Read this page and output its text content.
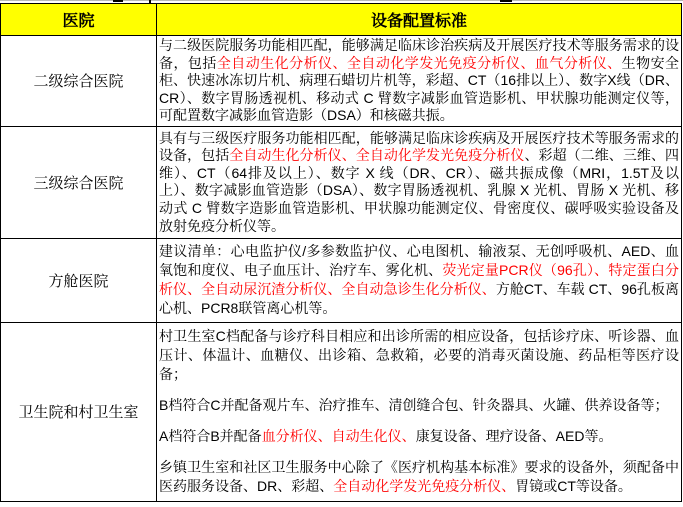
医院	设备配置标准
二级综合医院	与二级医院服务功能相匹配，能够满足临床诊治疾病及开展医疗技术等服务需求的设备，包括全自动生化分析仪、全自动化学发光免疫分析仪、血气分析仪、生物安全柜、快速冰冻切片机、病理石蜡切片机等，彩超、CT（16排以上）、数字X线（DR、CR）、数字胃肠透视机、移动式 C 臂数字减影血管造影机、甲状腺功能测定仪等，可配置数字减影血管造影（DSA）和核磁共振。

三级综合医院	具有与三级医疗服务功能相匹配，能够满足临床诊疾病及开展医疗技术等服务需求的设备，包括全自动生化分析仪、全自动化学发光免疫分析仪、彩超（二维、三维、四维）、CT（64排及以上）、数字 X 线（DR、CR）、磁共振成像（MRI，1.5T及以上）、数字减影血管造影（DSA）、数字胃肠透视机、乳腺 X 光机、胃肠 X 光机、移动式 C 臂数字造影血管造影机、甲状腺功能测定仪、骨密度仪、碳呼吸实验设备及放射免疫分析仪等。

方舱医院	建议清单：心电监护仪/多参数监护仪、心电图机、输液泵、无创呼吸机、AED、血氧饱和度仪、电子血压计、治疗车、雾化机、荧光定量PCR仪（96孔）、特定蛋白分析仪、全自动尿沉渣分析仪、全自动急诊生化分析仪、方舱CT、车载 CT、96孔板离心机、PCR8联管离心机等。

卫生院和村卫生室	村卫生室C档配备与诊疗科目相应和出诊所需的相应设备，包括诊疗床、听诊器、血压计、体温计、血糖仪、出诊箱、急救箱，必要的消毒灭菌设施、药品柜等医疗设备；

B档符合C并配备观片车、治疗推车、清创缝合包、针灸器具、火罐、供养设备等；

A档符合B并配备血分析仪、自动生化仪、康复设备、理疗设备、AED等。

乡镇卫生室和社区卫生服务中心除了《医疗机构基本标准》要求的设备外，须配备中医药服务设备、DR、彩超、全自动化学发光免疫分析仪、胃镜或CT等设备。
